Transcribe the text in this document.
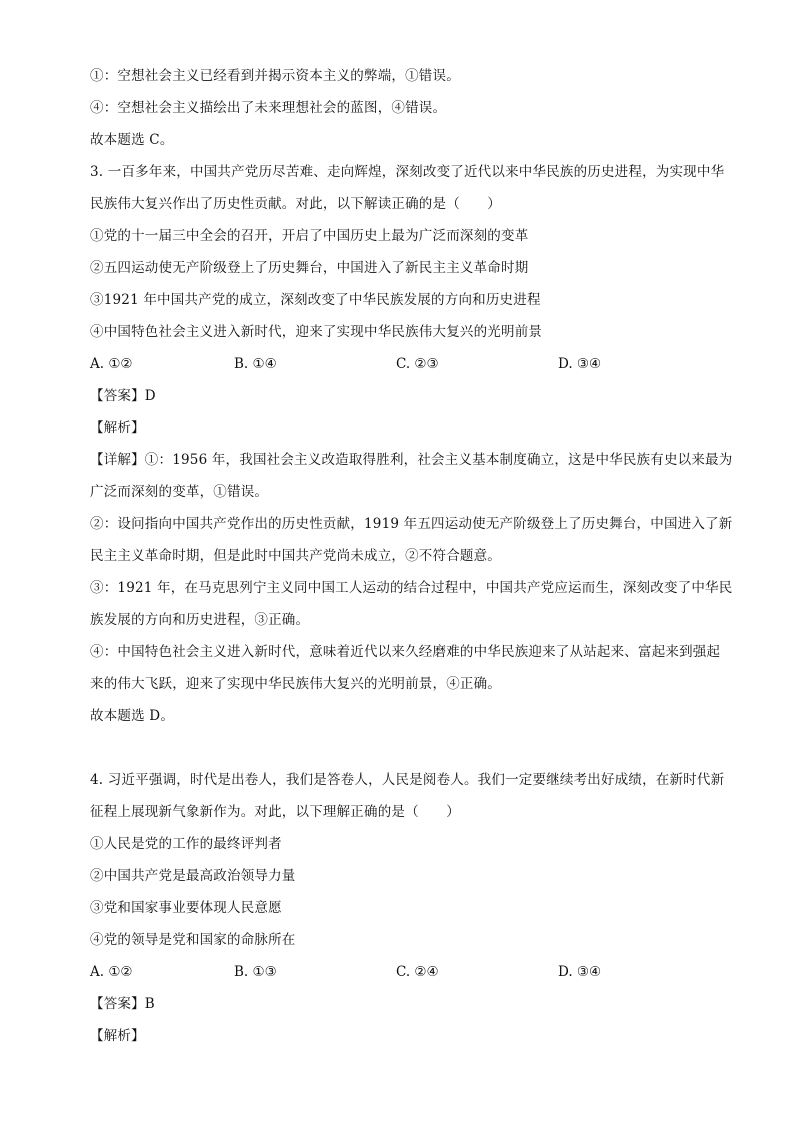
①：空想社会主义已经看到并揭示资本主义的弊端，①错误。
④：空想社会主义描绘出了未来理想社会的蓝图，④错误。
故本题选 C。
3. 一百多年来，中国共产党历尽苦难、走向辉煌，深刻改变了近代以来中华民族的历史进程，为实现中华
民族伟大复兴作出了历史性贡献。对此，以下解读正确的是（　　）
①党的十一届三中全会的召开，开启了中国历史上最为广泛而深刻的变革
②五四运动使无产阶级登上了历史舞台，中国进入了新民主主义革命时期
③1921 年中国共产党的成立，深刻改变了中华民族发展的方向和历史进程
④中国特色社会主义进入新时代，迎来了实现中华民族伟大复兴的光明前景
A. ①②	B. ①④	C. ②③	D. ③④
【答案】D
【解析】
【详解】①：1956 年，我国社会主义改造取得胜利，社会主义基本制度确立，这是中华民族有史以来最为
广泛而深刻的变革，①错误。
②：设问指向中国共产党作出的历史性贡献，1919 年五四运动使无产阶级登上了历史舞台，中国进入了新
民主主义革命时期，但是此时中国共产党尚未成立，②不符合题意。
③：1921 年，在马克思列宁主义同中国工人运动的结合过程中，中国共产党应运而生，深刻改变了中华民
族发展的方向和历史进程，③正确。
④：中国特色社会主义进入新时代，意味着近代以来久经磨难的中华民族迎来了从站起来、富起来到强起
来的伟大飞跃，迎来了实现中华民族伟大复兴的光明前景，④正确。
故本题选 D。
4. 习近平强调，时代是出卷人，我们是答卷人，人民是阅卷人。我们一定要继续考出好成绩，在新时代新
征程上展现新气象新作为。对此，以下理解正确的是（　　）
①人民是党的工作的最终评判者
②中国共产党是最高政治领导力量
③党和国家事业要体现人民意愿
④党的领导是党和国家的命脉所在
A. ①②	B. ①③	C. ②④	D. ③④
【答案】B
【解析】
